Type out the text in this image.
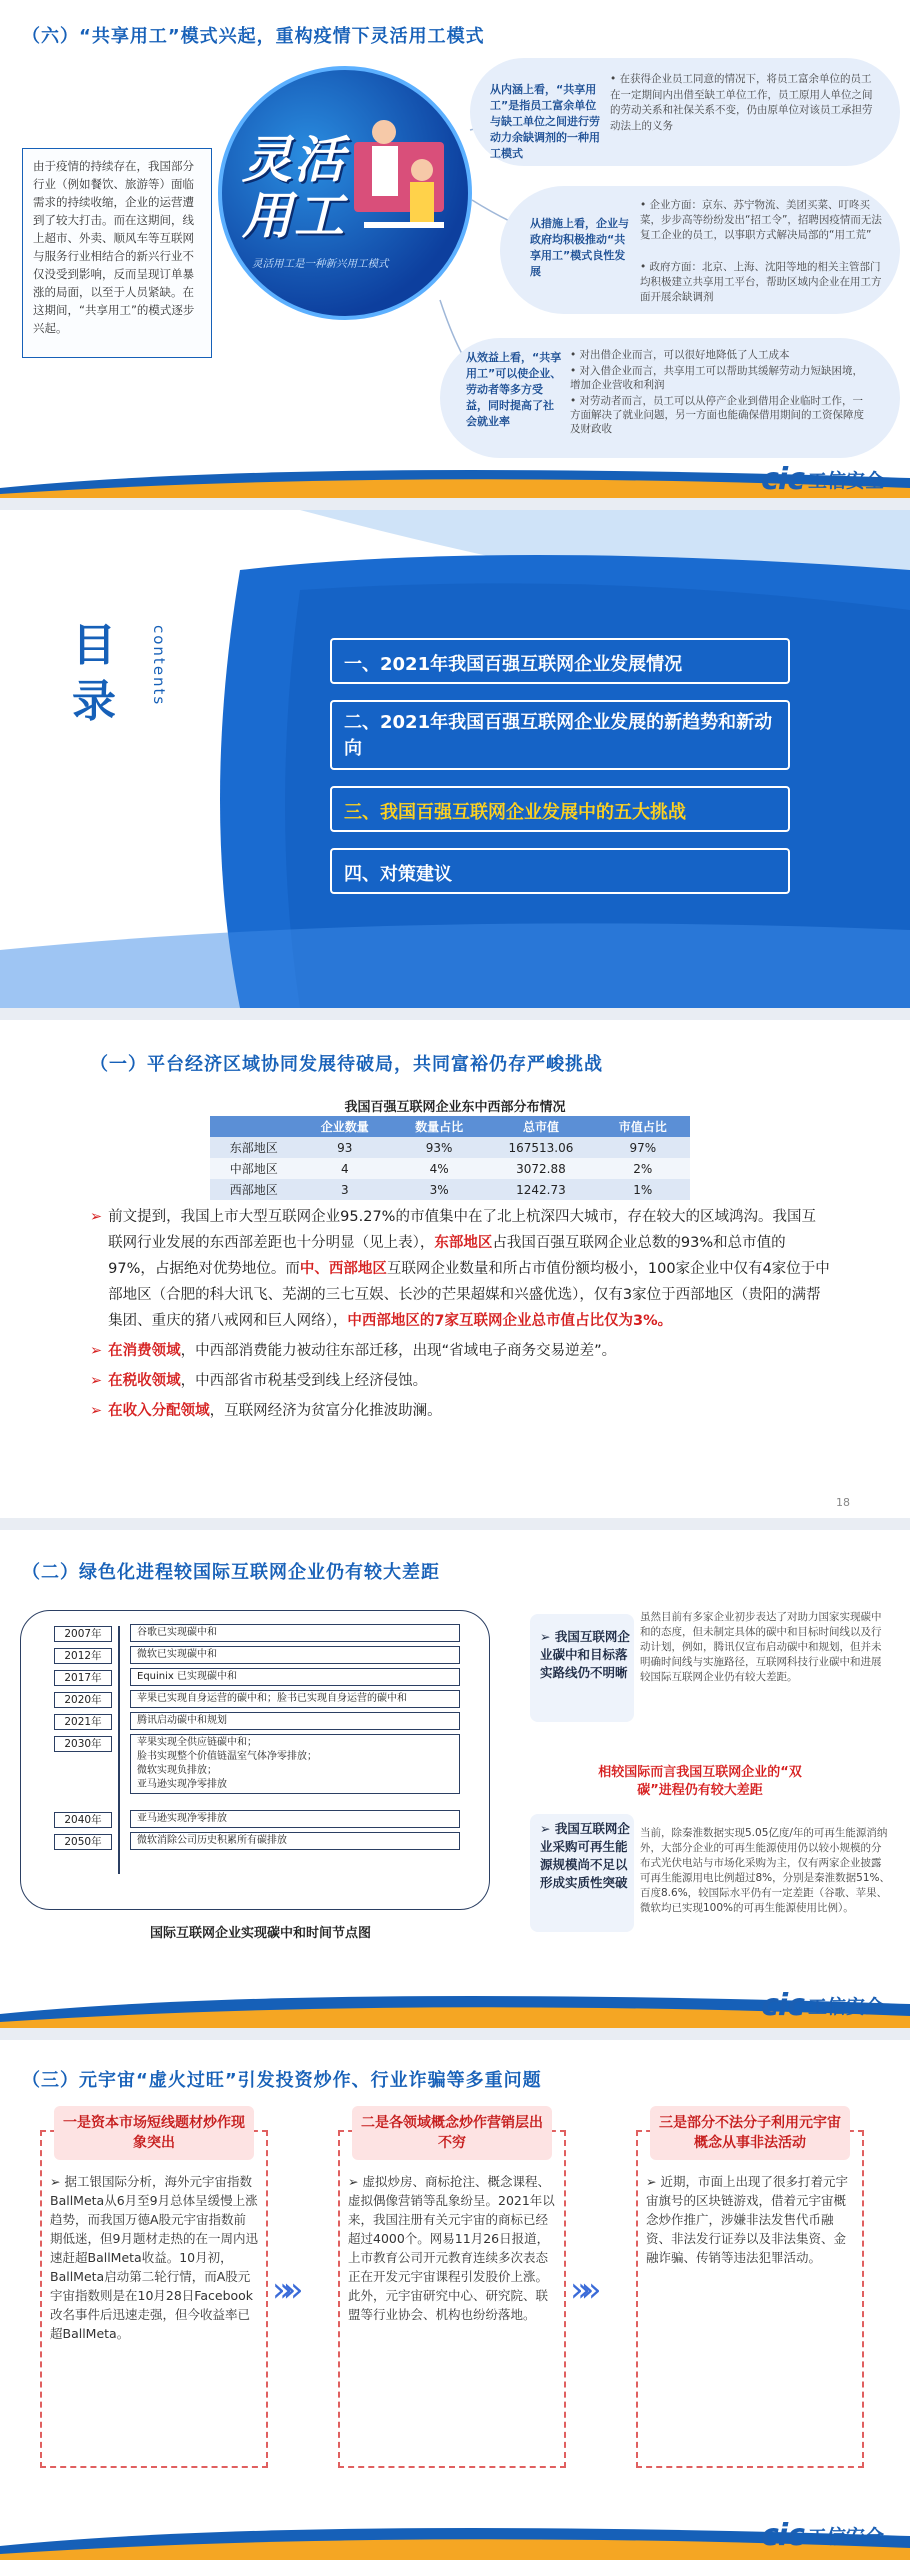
（六）“共享用工”模式兴起，重构疫情下灵活用工模式
由于疫情的持续存在，我国部分行业（例如餐饮、旅游等）面临需求的持续收缩，企业的运营遭到了较大打击。而在这期间，线上超市、外卖、顺风车等互联网与服务行业相结合的新兴行业不仅没受到影响，反而呈现订单暴涨的局面，以至于人员紧缺。在这期间，“共享用工”的模式逐步兴起。
灵活用工
灵活用工是一种新兴用工模式
从内涵上看，“共享用工”是指员工富余单位与缺工单位之间进行劳动力余缺调剂的一种用工模式
• 在获得企业员工同意的情况下，将员工富余单位的员工在一定期间内出借至缺工单位工作，员工原用人单位之间的劳动关系和社保关系不变，仍由原单位对该员工承担劳动法上的义务
从措施上看，企业与政府均积极推动“共享用工”模式良性发展
• 企业方面：京东、苏宁物流、美团买菜、叮咚买菜，步步高等纷纷发出“招工令”，招聘因疫情而无法复工企业的员工，以事职方式解决局部的“用工荒”
• 政府方面：北京、上海、沈阳等地的相关主管部门均积极建立共享用工平台，帮助区域内企业在用工方面开展余缺调剂
从效益上看，“共享用工”可以使企业、劳动者等多方受益，同时提高了社会就业率
• 对出借企业而言，可以很好地降低了人工成本
• 对入借企业而言，共享用工可以帮助其缓解劳动力短缺困境，增加企业营收和利润
• 对劳动者而言，员工可以从停产企业到借用企业临时工作，一方面解决了就业问题，另一方面也能确保借用期间的工资保障度及财政收
cic 工信安全
目录	contents	一、2021年我国百强互联网企业发展情况
二、2021年我国百强互联网企业发展的新趋势和新动向
三、我国百强互联网企业发展中的五大挑战
四、对策建议
（一）平台经济区域协同发展待破局，共同富裕仍存严峻挑战
我国百强互联网企业东中西部分布情况
	企业数量	数量占比	总市值	市值占比
东部地区	93	93%	167513.06	97%
中部地区	4	4%	3072.88	2%
西部地区	3	3%	1242.73	1%
➢ 前文提到，我国上市大型互联网企业95.27%的市值集中在了北上杭深四大城市，存在较大的区域鸿沟。我国互联网行业发展的东西部差距也十分明显（见上表），东部地区占我国百强互联网企业总数的93%和总市值的97%，占据绝对优势地位。而中、西部地区互联网企业数量和所占市值份额均极小，100家企业中仅有4家位于中部地区（合肥的科大讯飞、芜湖的三七互娱、长沙的芒果超媒和兴盛优选），仅有3家位于西部地区（贵阳的满帮集团、重庆的猪八戒网和巨人网络），中西部地区的7家互联网企业总市值占比仅为3%。
➢ 在消费领域，中西部消费能力被动往东部迁移，出现“省域电子商务交易逆差”。
➢ 在税收领域，中西部省市税基受到线上经济侵蚀。
➢ 在收入分配领域，互联网经济为贫富分化推波助澜。
18
（二）绿色化进程较国际互联网企业仍有较大差距
2007年	谷歌已实现碳中和
2012年	微软已实现碳中和
2017年	Equinix 已实现碳中和
2020年	苹果已实现自身运营的碳中和；脸书已实现自身运营的碳中和
2021年	腾讯启动碳中和规划
2030年	苹果实现全供应链碳中和；
脸书实现整个价值链温室气体净零排放；
微软实现负排放；
亚马逊实现净零排放
2040年	亚马逊实现净零排放
2050年	微软消除公司历史积累所有碳排放
国际互联网企业实现碳中和时间节点图
➢ 我国互联网企业碳中和目标落实路线仍不明晰
虽然目前有多家企业初步表达了对助力国家实现碳中和的态度，但未制定具体的碳中和目标时间线以及行动计划，例如，腾讯仅宣布启动碳中和规划，但并未明确时间线与实施路径，互联网科技行业碳中和进展较国际互联网企业仍有较大差距。
相较国际而言我国互联网企业的“双碳”进程仍有较大差距
➢ 我国互联网企业采购可再生能源规模尚不足以形成实质性突破
当前，除秦淮数据实现5.05亿度/年的可再生能源消纳外，大部分企业的可再生能源使用仍以较小规模的分布式光伏电站与市场化采购为主，仅有两家企业披露可再生能源用电比例超过8%，分别是秦淮数据51%、百度8.6%，较国际水平仍有一定差距（谷歌、苹果、微软均已实现100%的可再生能源使用比例）。
cic 工信安全
（三）元宇宙“虚火过旺”引发投资炒作、行业诈骗等多重问题
一是资本市场短线题材炒作现象突出
➢ 据工银国际分析，海外元宇宙指数BallMeta从6月至9月总体呈缓慢上涨趋势，而我国万德A股元宇宙指数前期低迷，但9月题材走热的在一周内迅速赶超BallMeta收益。10月初，BallMeta启动第二轮行情，而A股元宇宙指数则是在10月28日Facebook改名事件后迅速走强，但今收益率已超BallMeta。
»»
二是各领域概念炒作营销层出不穷
➢ 虚拟炒房、商标抢注、概念课程、虚拟偶像营销等乱象纷呈。2021年以来，我国注册有关元宇宙的商标已经超过4000个。网易11月26日报道，上市教育公司开元教育连续多次表态正在开发元宇宙课程引发股价上涨。此外，元宇宙研究中心、研究院、联盟等行业协会、机构也纷纷落地。
»»
三是部分不法分子利用元宇宙概念从事非法活动
➢ 近期，市面上出现了很多打着元宇宙旗号的区块链游戏，借着元宇宙概念炒作推广，涉嫌非法发售代币融资、非法发行证券以及非法集资、金融诈骗、传销等违法犯罪活动。
cic 工信安全
